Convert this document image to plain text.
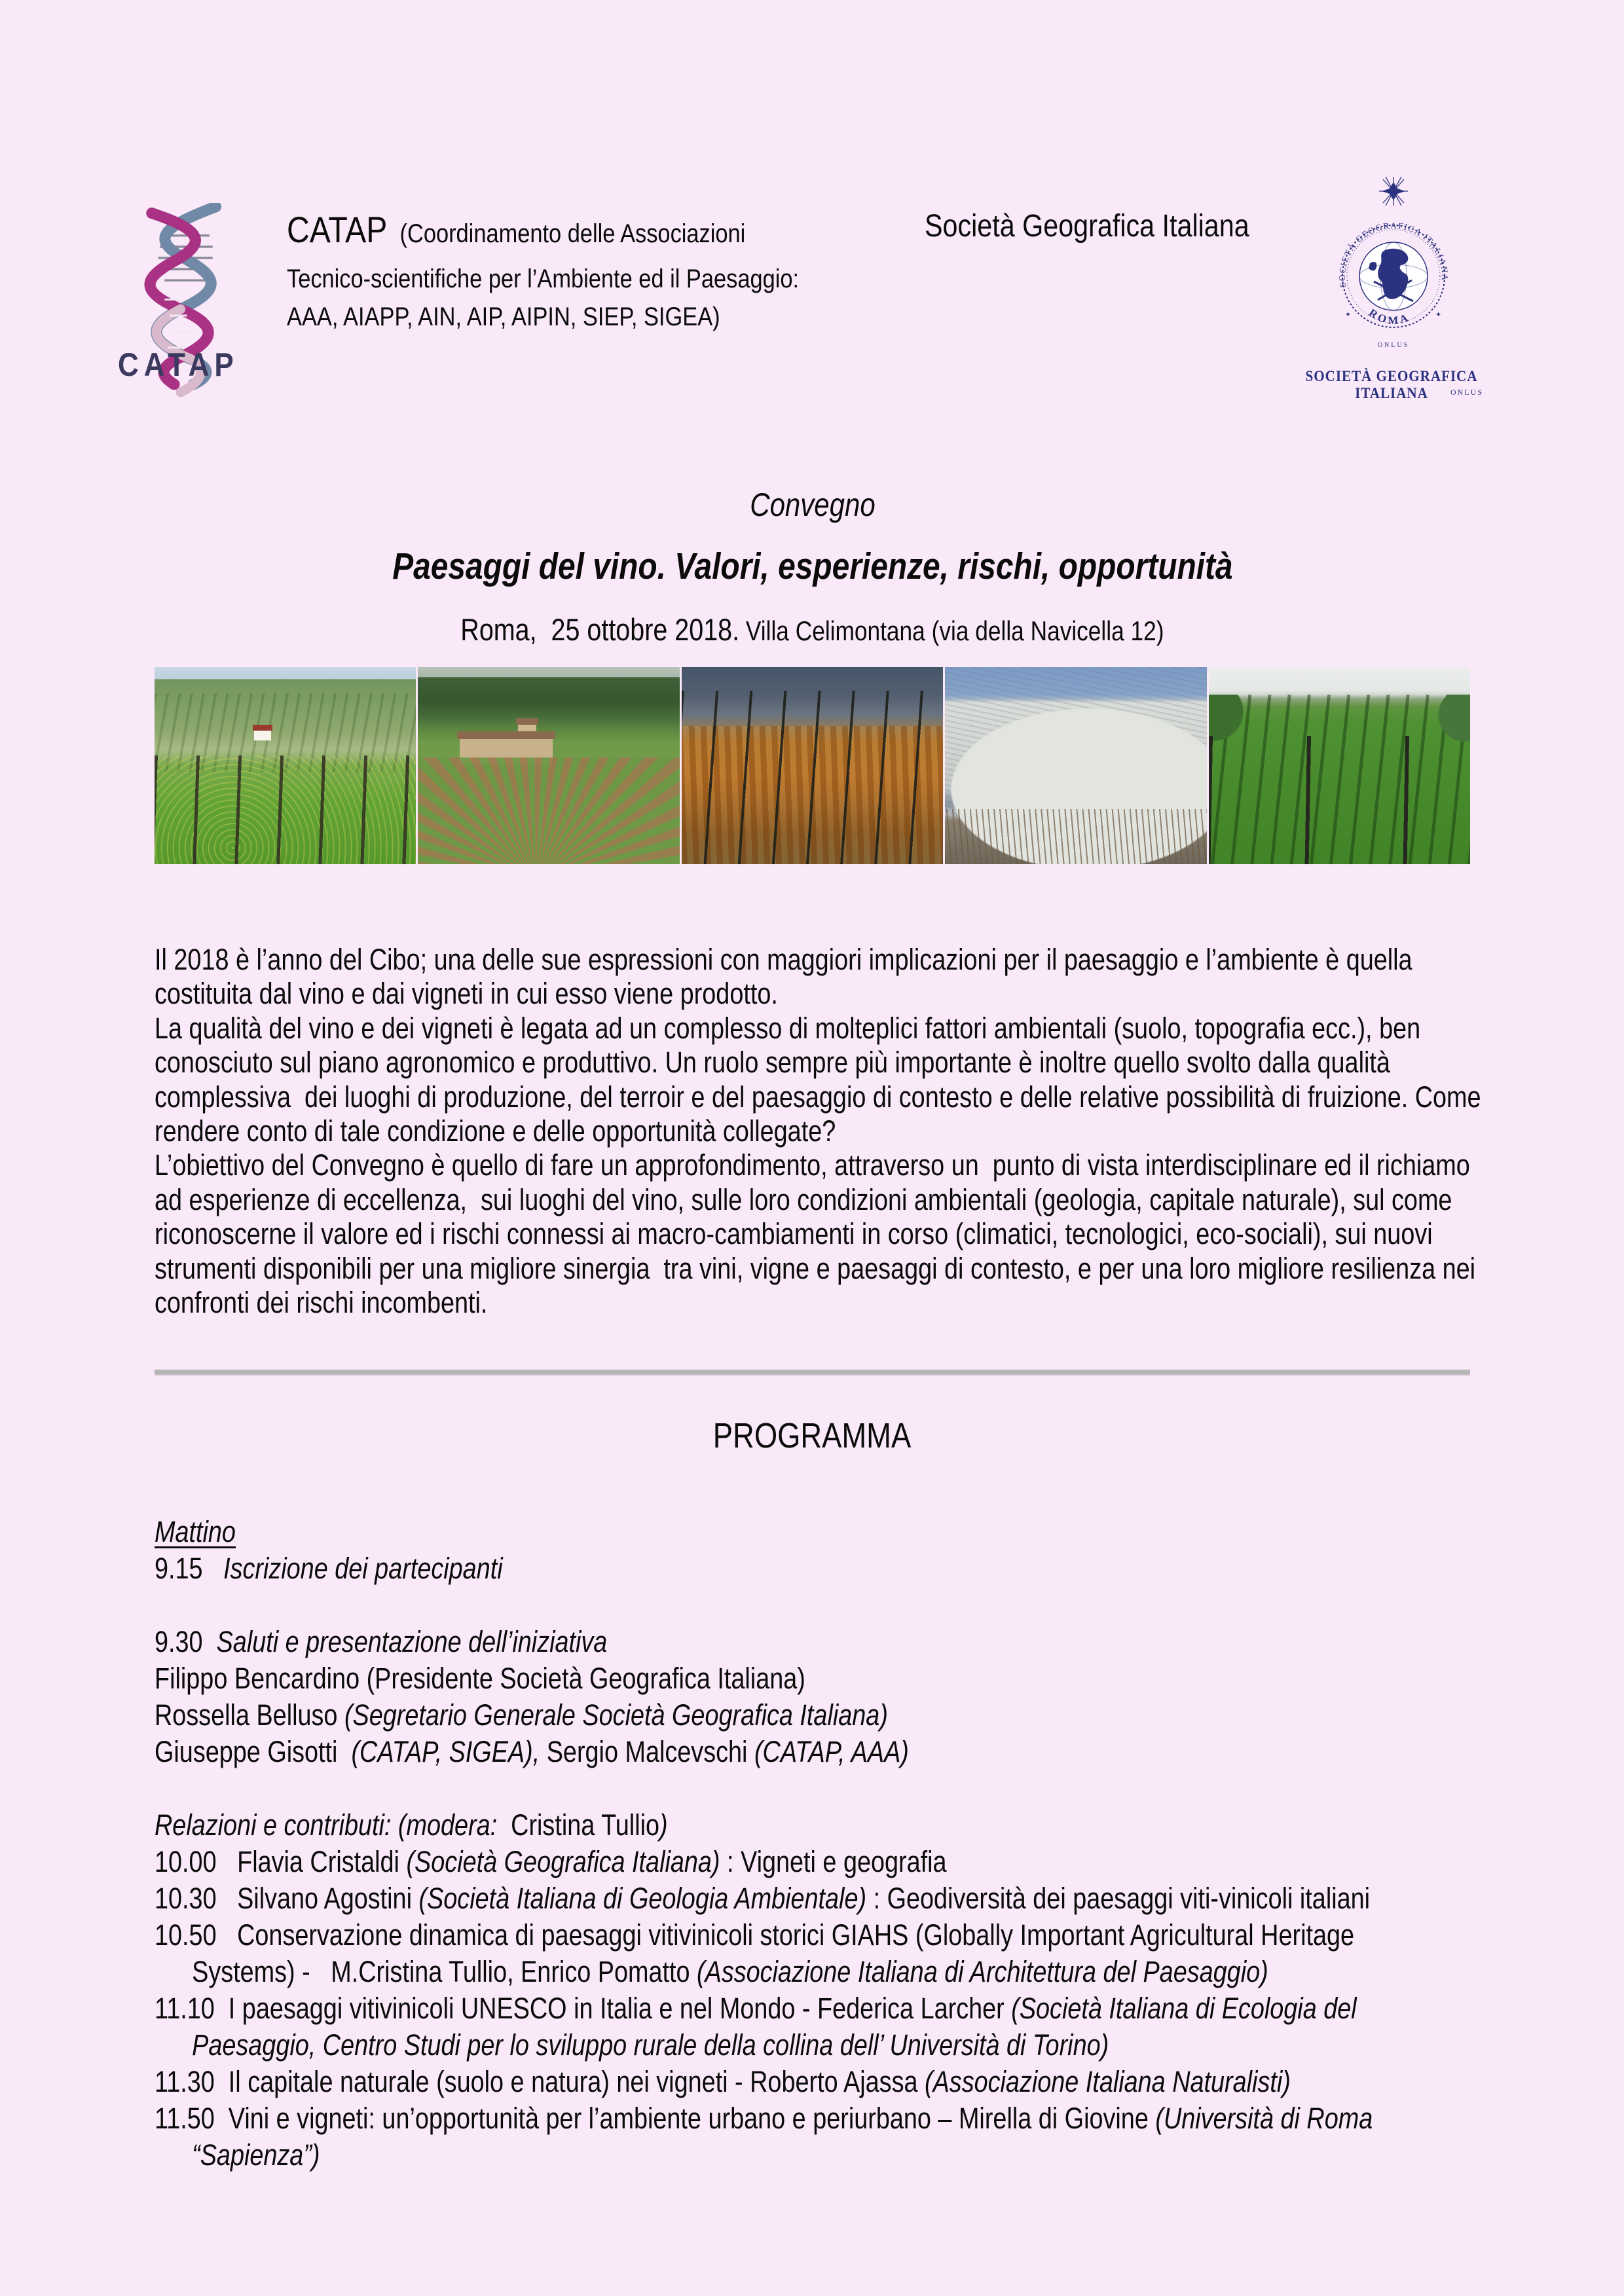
CATAP
CATAP  (Coordinamento delle Associazioni
Tecnico-scientifiche per l’Ambiente ed il Paesaggio:
AAA, AIAPP, AIN, AIP, AIPIN, SIEP, SIGEA)
Società Geografica Italiana
SOCIETÀ GEOGRAFICA ITALIANA
ROMA
✦	✦
ONLUS
SOCIETÀ GEOGRAFICA ITALIANA	ONLUS
Convegno
Paesaggi del vino. Valori, esperienze, rischi, opportunità
Roma,  25 ottobre 2018. Villa Celimontana (via della Navicella 12)
Il 2018 è l’anno del Cibo; una delle sue espressioni con maggiori implicazioni per il paesaggio e l’ambiente è quella
costituita dal vino e dai vigneti in cui esso viene prodotto.
La qualità del vino e dei vigneti è legata ad un complesso di molteplici fattori ambientali (suolo, topografia ecc.), ben
conosciuto sul piano agronomico e produttivo. Un ruolo sempre più importante è inoltre quello svolto dalla qualità
complessiva  dei luoghi di produzione, del terroir e del paesaggio di contesto e delle relative possibilità di fruizione. Come
rendere conto di tale condizione e delle opportunità collegate?
L’obiettivo del Convegno è quello di fare un approfondimento, attraverso un  punto di vista interdisciplinare ed il richiamo
ad esperienze di eccellenza,  sui luoghi del vino, sulle loro condizioni ambientali (geologia, capitale naturale), sul come
riconoscerne il valore ed i rischi connessi ai macro-cambiamenti in corso (climatici, tecnologici, eco-sociali), sui nuovi
strumenti disponibili per una migliore sinergia  tra vini, vigne e paesaggi di contesto, e per una loro migliore resilienza nei
confronti dei rischi incombenti.
PROGRAMMA
Mattino
9.15   Iscrizione dei partecipanti
9.30  Saluti e presentazione dell’iniziativa
Filippo Bencardino (Presidente Società Geografica Italiana)
Rossella Belluso (Segretario Generale Società Geografica Italiana)
Giuseppe Gisotti  (CATAP, SIGEA), Sergio Malcevschi (CATAP, AAA)
Relazioni e contributi: (modera:  Cristina Tullio)
10.00   Flavia Cristaldi (Società Geografica Italiana) : Vigneti e geografia
10.30   Silvano Agostini (Società Italiana di Geologia Ambientale) : Geodiversità dei paesaggi viti-vinicoli italiani
10.50   Conservazione dinamica di paesaggi vitivinicoli storici GIAHS (Globally Important Agricultural Heritage
Systems) -   M.Cristina Tullio, Enrico Pomatto (Associazione Italiana di Architettura del Paesaggio)
11.10  I paesaggi vitivinicoli UNESCO in Italia e nel Mondo - Federica Larcher (Società Italiana di Ecologia del
Paesaggio, Centro Studi per lo sviluppo rurale della collina dell’ Università di Torino)
11.30  Il capitale naturale (suolo e natura) nei vigneti - Roberto Ajassa (Associazione Italiana Naturalisti)
11.50  Vini e vigneti: un’opportunità per l’ambiente urbano e periurbano – Mirella di Giovine (Università di Roma
“Sapienza”)
